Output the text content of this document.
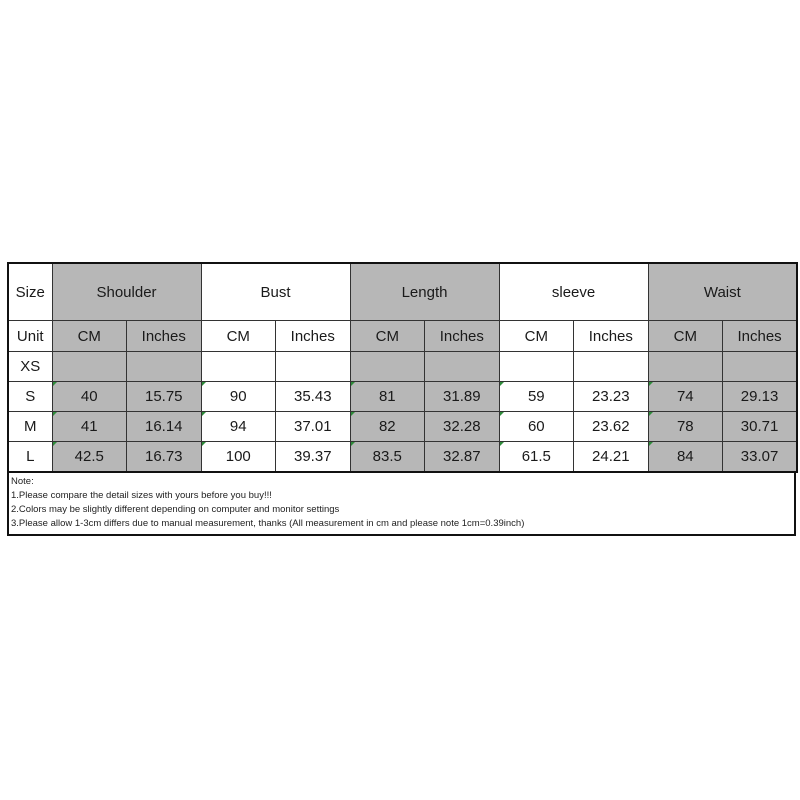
Size	Shoulder		Bust		Length		sleeve		Waist	
Unit	CM	Inches	CM	Inches	CM	Inches	CM	Inches	CM	Inches
XS										
S	40	15.75	90	35.43	81	31.89	59	23.23	74	29.13
M	41	16.14	94	37.01	82	32.28	60	23.62	78	30.71
L	42.5	16.73	100	39.37	83.5	32.87	61.5	24.21	84	33.07
Note:
1.Please compare the detail sizes with yours before you buy!!!
2.Colors may be slightly different depending on computer and monitor settings
3.Please allow 1-3cm differs due to manual measurement, thanks (All measurement in cm and please note 1cm=0.39inch)
